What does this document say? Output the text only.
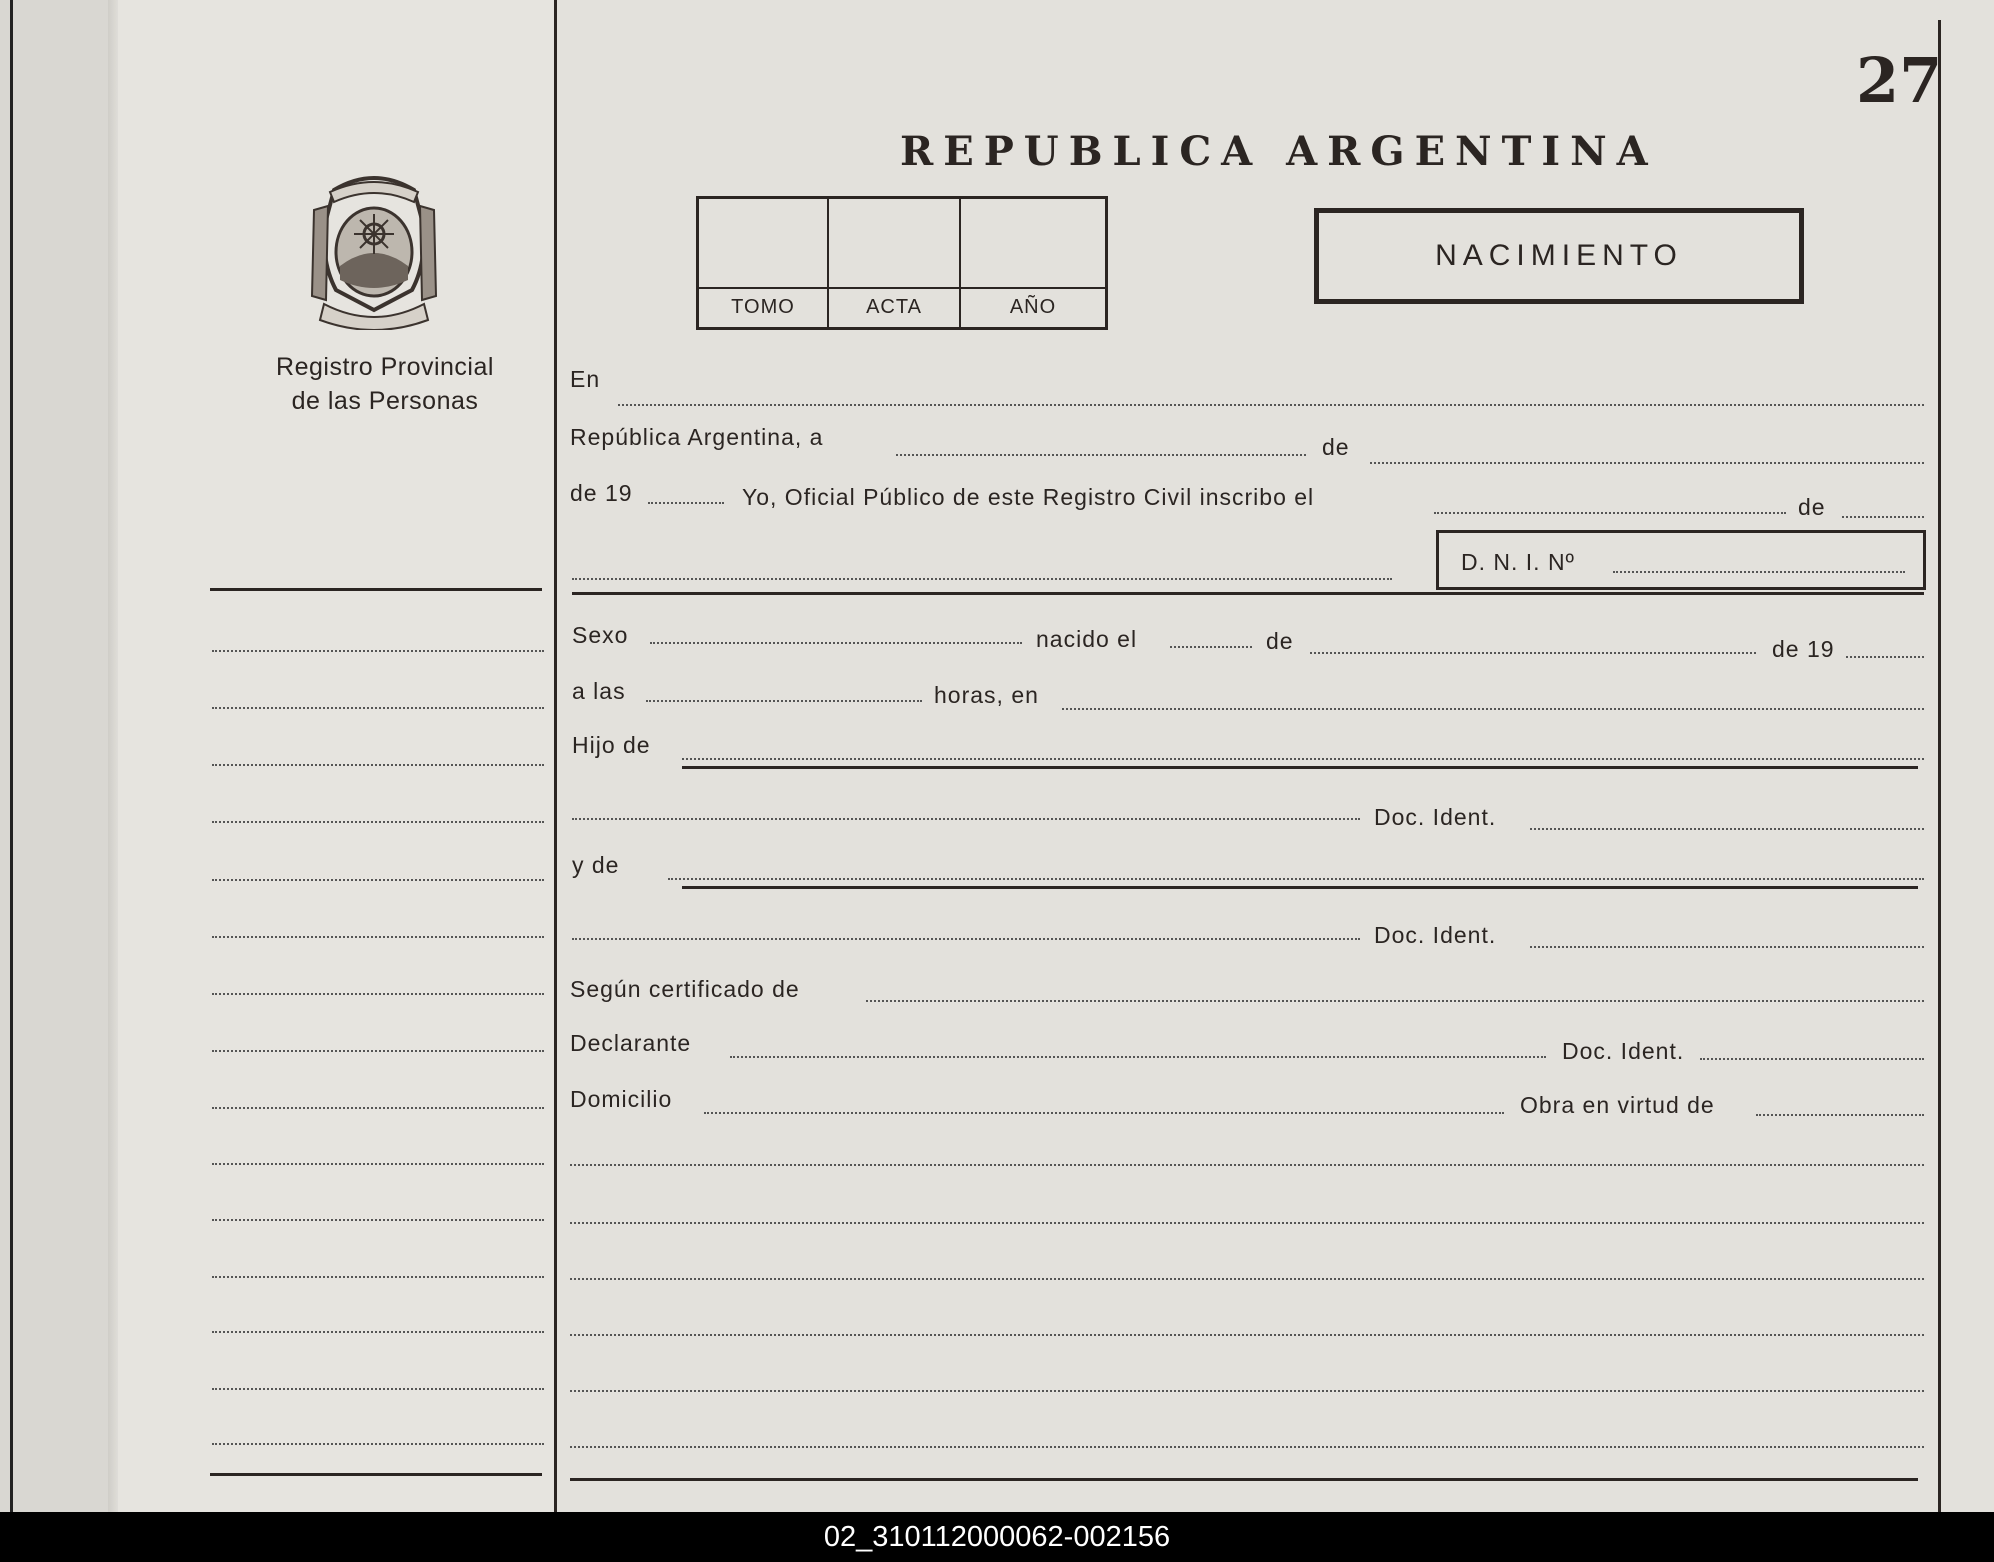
Registro Provincial
de las Personas
27
REPUBLICA ARGENTINA
TOMO	ACTA	AÑO
NACIMIENTO
En
República Argentina, a	de
de 19	Yo, Oficial Público de este Registro Civil inscribo el	de
D. N. I. Nº
Sexo	nacido el	de	de 19
a las	horas, en
Hijo de
Doc. Ident.
y de
Doc. Ident.
Según certificado de
Declarante	Doc. Ident.
Domicilio	Obra en virtud de
02_310112000062-002156
